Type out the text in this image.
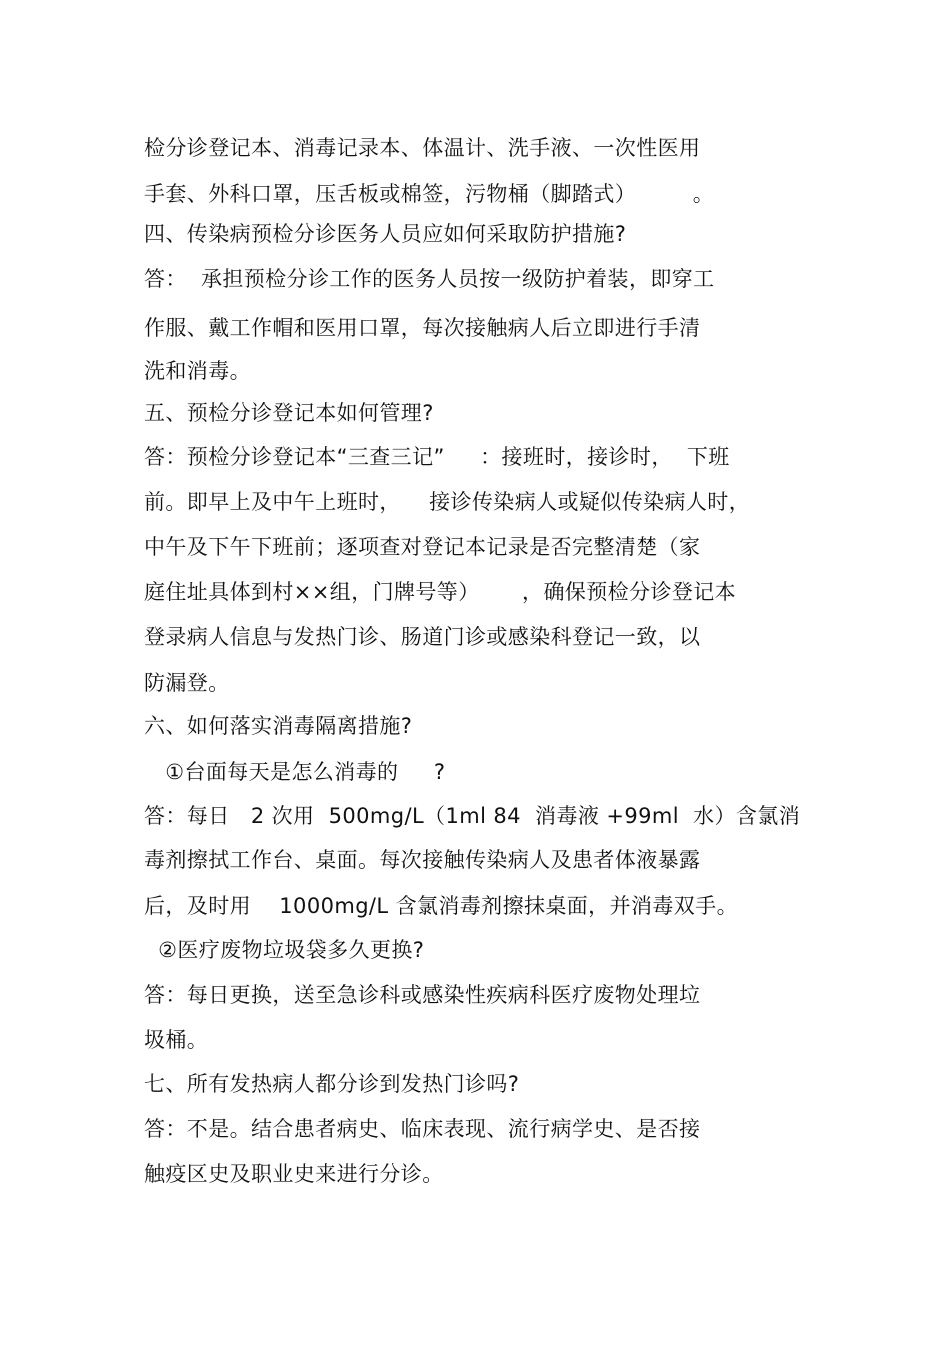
检分诊登记本、消毒记录本、体温计、洗手液、一次性医用
手套、外科口罩，压舌板或棉签，污物桶（脚踏式）        。
四、传染病预检分诊医务人员应如何采取防护措施?
答：  承担预检分诊工作的医务人员按一级防护着装，即穿工
作服、戴工作帽和医用口罩，每次接触病人后立即进行手清
洗和消毒。
五、预检分诊登记本如何管理?
答：预检分诊登记本“三查三记”     ：接班时，接诊时，  下班
前。即早上及中午上班时，    接诊传染病人或疑似传染病人时，
中午及下午下班前；逐项查对登记本记录是否完整清楚（家
庭住址具体到村××组，门牌号等）      ，确保预检分诊登记本
登录病人信息与发热门诊、肠道门诊或感染科登记一致，以
防漏登。
六、如何落实消毒隔离措施?
①台面每天是怎么消毒的     ?
答：每日   2 次用  500mg/L（1ml 84  消毒液 +99ml  水）含氯消
毒剂擦拭工作台、桌面。每次接触传染病人及患者体液暴露
后，及时用    1000mg/L 含氯消毒剂擦抹桌面，并消毒双手。
②医疗废物垃圾袋多久更换?
答：每日更换，送至急诊科或感染性疾病科医疗废物处理垃
圾桶。
七、所有发热病人都分诊到发热门诊吗?
答：不是。结合患者病史、临床表现、流行病学史、是否接
触疫区史及职业史来进行分诊。
